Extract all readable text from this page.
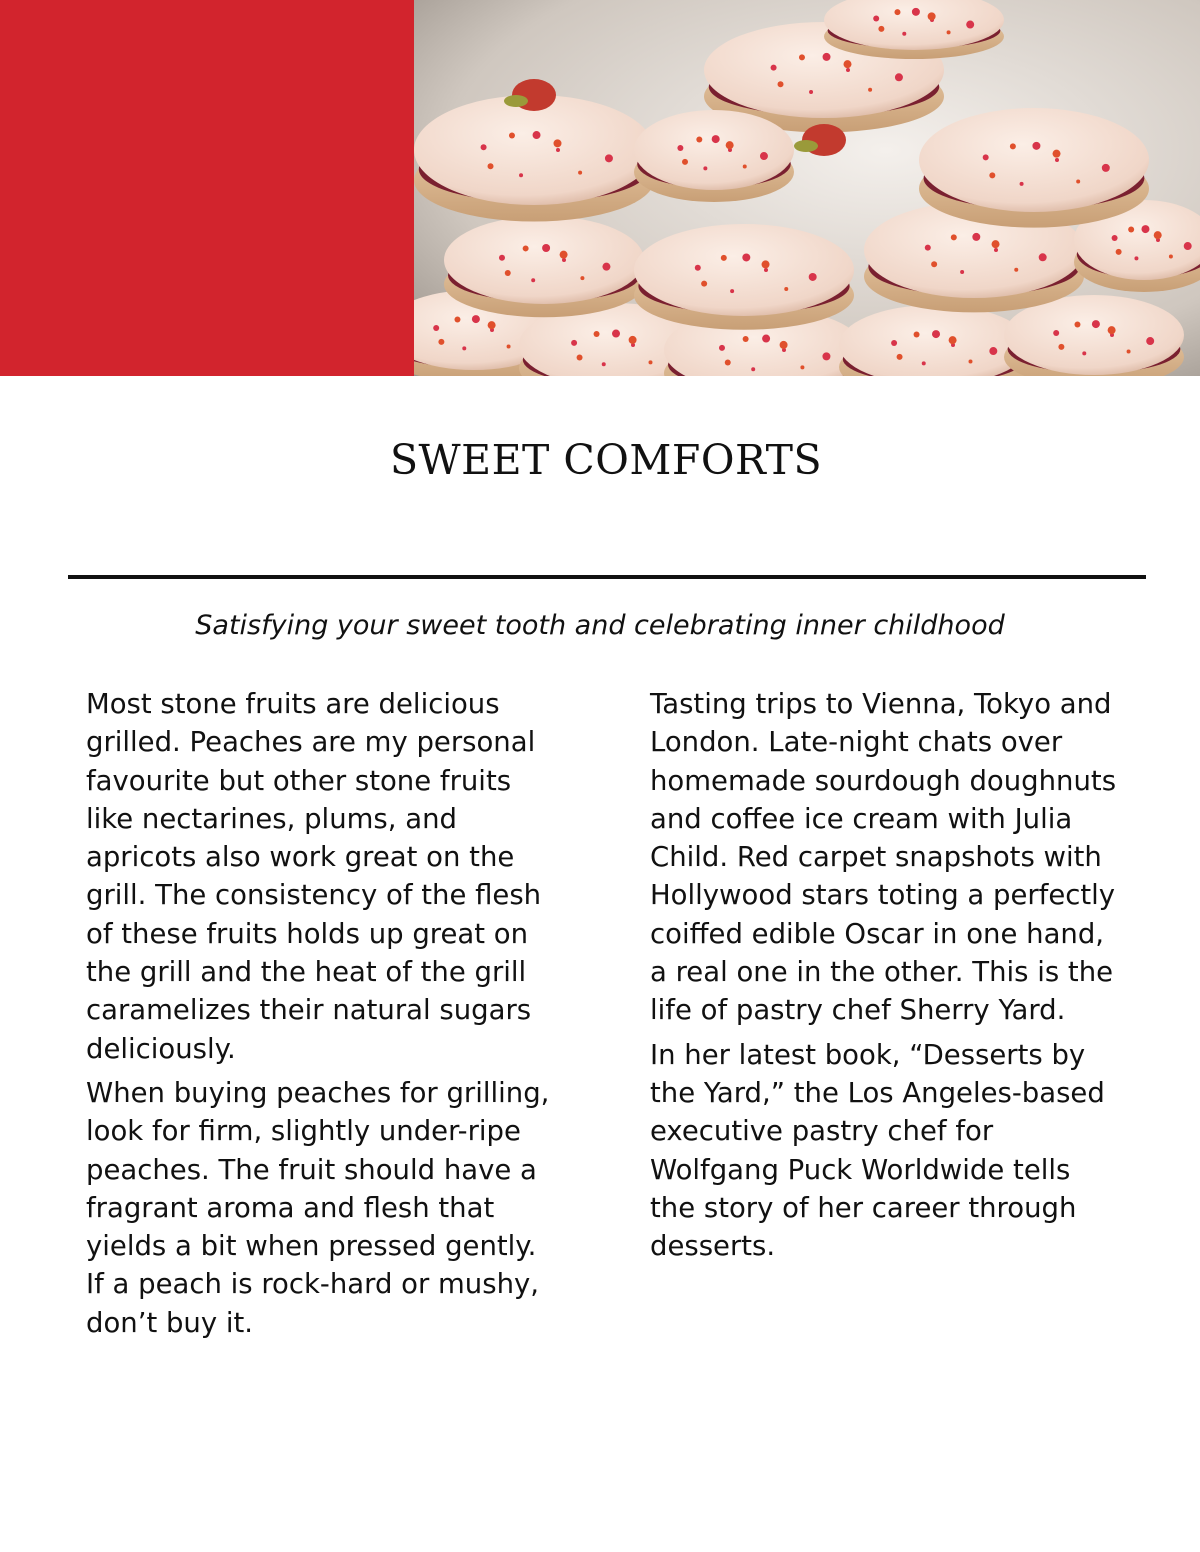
SWEET COMFORTS

Satisfying your sweet tooth and celebrating inner childhood

Most stone fruits are delicious grilled. Peaches are my personal favourite but other stone fruits like nectarines, plums, and apricots also work great on the grill. The consistency of the flesh of these fruits holds up great on the grill and the heat of the grill caramelizes their natural sugars deliciously.

When buying peaches for grilling, look for firm, slightly under-ripe peaches. The fruit should have a fragrant aroma and flesh that yields a bit when pressed gently. If a peach is rock-hard or mushy, don’t buy it.

Tasting trips to Vienna, Tokyo and London. Late-night chats over homemade sourdough doughnuts and coffee ice cream with Julia Child. Red carpet snapshots with Hollywood stars toting a perfectly coiffed edible Oscar in one hand, a real one in the other. This is the life of pastry chef Sherry Yard.

In her latest book, “Desserts by the Yard,” the Los Angeles-based executive pastry chef for Wolfgang Puck Worldwide tells the story of her career through desserts.
